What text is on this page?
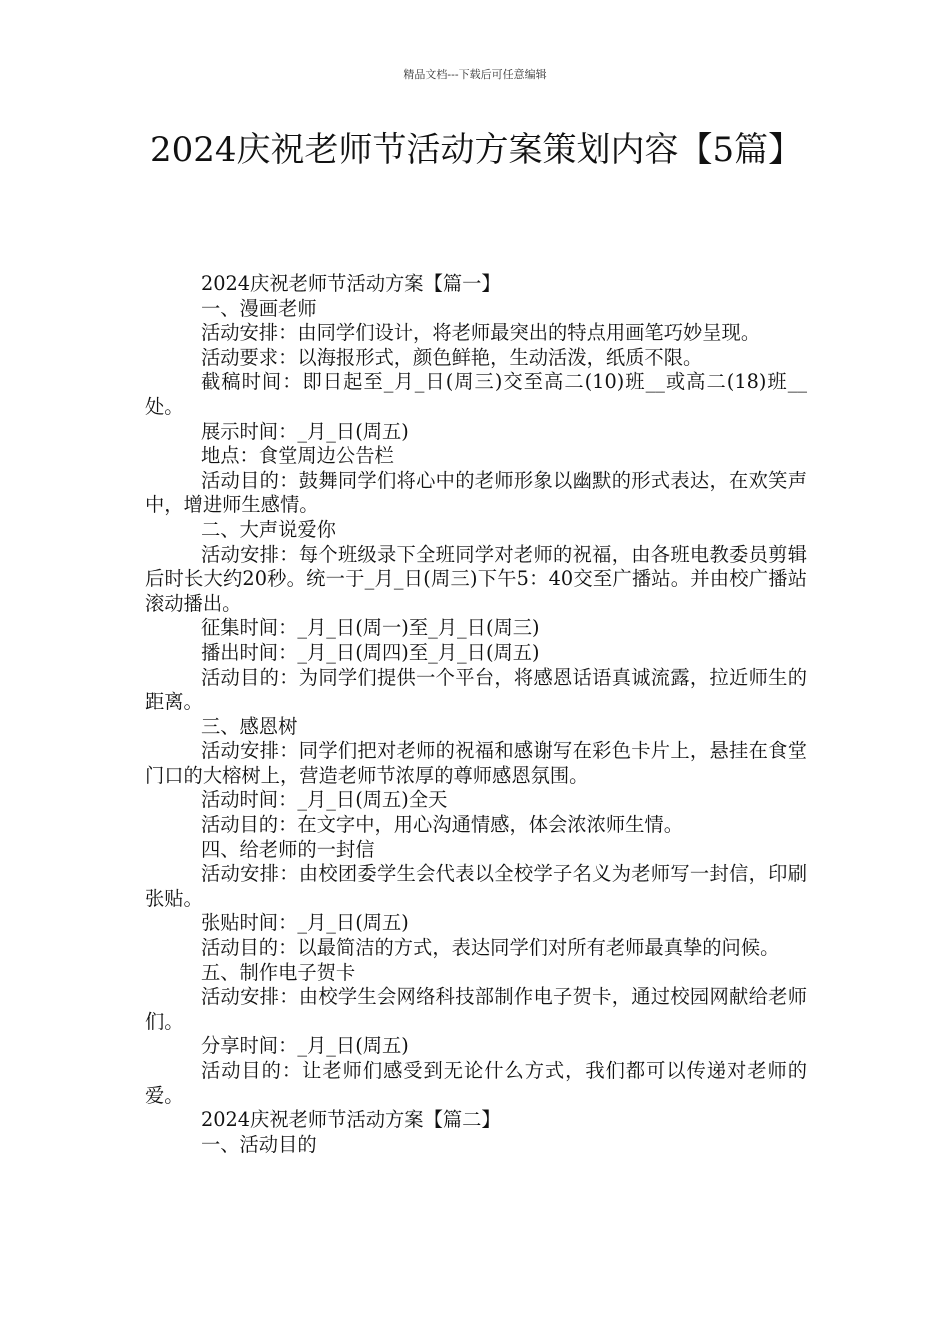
精品文档---下载后可任意编辑
2024庆祝老师节活动方案策划内容【5篇】

2024庆祝老师节活动方案【篇一】

一、漫画老师

活动安排：由同学们设计，将老师最突出的特点用画笔巧妙呈现。

活动要求：以海报形式，颜色鲜艳，生动活泼，纸质不限。

截稿时间：即日起至_月_日(周三)交至高二(10)班__或高二(18)班__处。

展示时间：_月_日(周五)

地点：食堂周边公告栏

活动目的：鼓舞同学们将心中的老师形象以幽默的形式表达，在欢笑声中，增进师生感情。

二、大声说爱你

活动安排：每个班级录下全班同学对老师的祝福，由各班电教委员剪辑后时长大约20秒。统一于_月_日(周三)下午5：40交至广播站。并由校广播站滚动播出。

征集时间：_月_日(周一)至_月_日(周三)

播出时间：_月_日(周四)至_月_日(周五)

活动目的：为同学们提供一个平台，将感恩话语真诚流露，拉近师生的距离。

三、感恩树

活动安排：同学们把对老师的祝福和感谢写在彩色卡片上，悬挂在食堂门口的大榕树上，营造老师节浓厚的尊师感恩氛围。

活动时间：_月_日(周五)全天

活动目的：在文字中，用心沟通情感，体会浓浓师生情。

四、给老师的一封信

活动安排：由校团委学生会代表以全校学子名义为老师写一封信，印刷张贴。

张贴时间：_月_日(周五)

活动目的：以最简洁的方式，表达同学们对所有老师最真挚的问候。

五、制作电子贺卡

活动安排：由校学生会网络科技部制作电子贺卡，通过校园网献给老师们。

分享时间：_月_日(周五)

活动目的：让老师们感受到无论什么方式，我们都可以传递对老师的爱。

2024庆祝老师节活动方案【篇二】

一、活动目的
